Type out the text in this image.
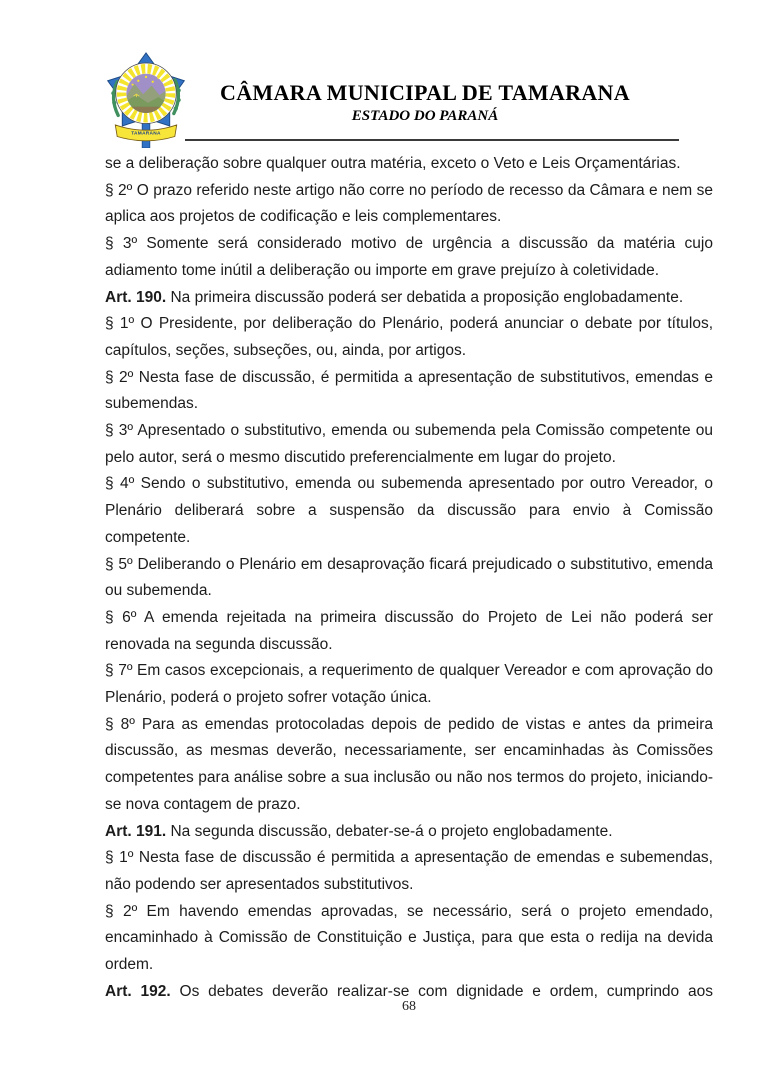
TAMARANA
CÂMARA MUNICIPAL DE TAMARANA
ESTADO DO PARANÁ

se a deliberação sobre qualquer outra matéria, exceto o Veto e Leis Orçamentárias.

§ 2º O prazo referido neste artigo não corre no período de recesso da Câmara e nem se aplica aos projetos de codificação e leis complementares.

§ 3º Somente será considerado motivo de urgência a discussão da matéria cujo adiamento tome inútil a deliberação ou importe em grave prejuízo à coletividade.

Art. 190. Na primeira discussão poderá ser debatida a proposição englobadamente.

§ 1º O Presidente, por deliberação do Plenário, poderá anunciar o debate por títulos, capítulos, seções, subseções, ou, ainda, por artigos.

§ 2º Nesta fase de discussão, é permitida a apresentação de substitutivos, emendas e subemendas.

§ 3º Apresentado o substitutivo, emenda ou subemenda pela Comissão competente ou pelo autor, será o mesmo discutido preferencialmente em lugar do projeto.

§ 4º Sendo o substitutivo, emenda ou subemenda apresentado por outro Vereador, o Plenário deliberará sobre a suspensão da discussão para envio à Comissão competente.

§ 5º Deliberando o Plenário em desaprovação ficará prejudicado o substitutivo, emenda ou subemenda.

§ 6º A emenda rejeitada na primeira discussão do Projeto de Lei não poderá ser renovada na segunda discussão.

§ 7º Em casos excepcionais, a requerimento de qualquer Vereador e com aprovação do Plenário, poderá o projeto sofrer votação única.

§ 8º Para as emendas protocoladas depois de pedido de vistas e antes da primeira discussão, as mesmas deverão, necessariamente, ser encaminhadas às Comissões competentes para análise sobre a sua inclusão ou não nos termos do projeto, iniciando-se nova contagem de prazo.

Art. 191. Na segunda discussão, debater-se-á o projeto englobadamente.

§ 1º Nesta fase de discussão é permitida a apresentação de emendas e subemendas, não podendo ser apresentados substitutivos.

§ 2º Em havendo emendas aprovadas, se necessário, será o projeto emendado, encaminhado à Comissão de Constituição e Justiça, para que esta o redija na devida ordem.

Art. 192. Os debates deverão realizar-se com dignidade e ordem, cumprindo aos

68
